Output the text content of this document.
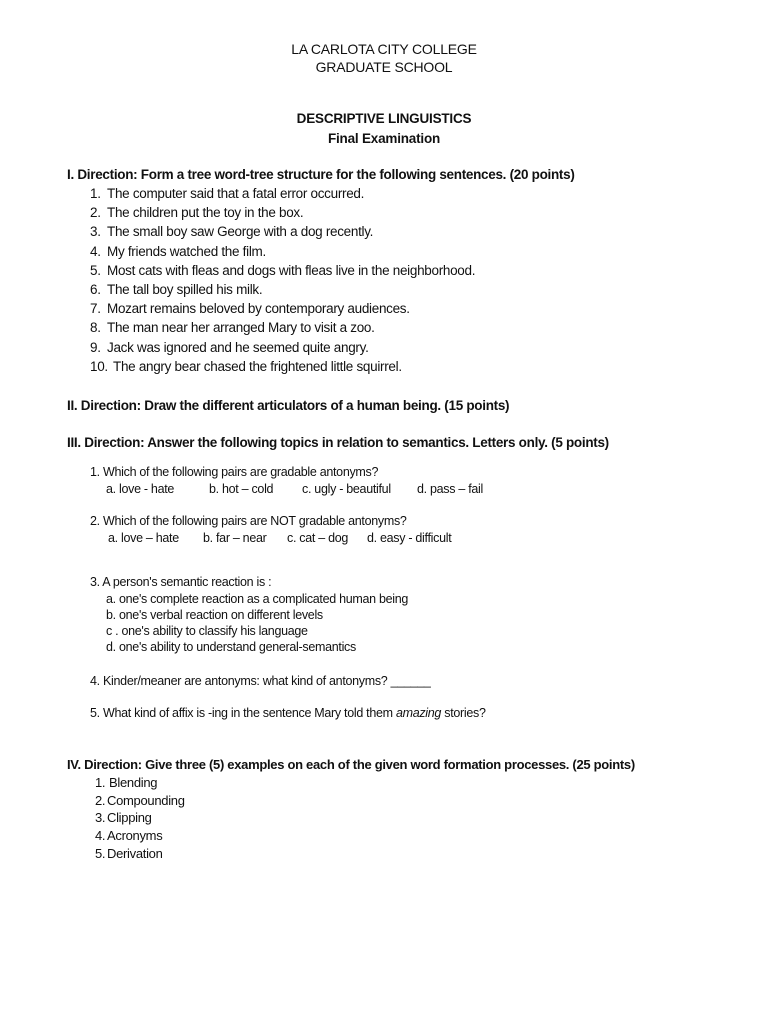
LA CARLOTA CITY COLLEGE
GRADUATE SCHOOL
DESCRIPTIVE LINGUISTICS
Final Examination
I. Direction: Form a tree word-tree structure for the following sentences. (20 points)
1. The computer said that a fatal error occurred.
2. The children put the toy in the box.
3. The small boy saw George with a dog recently.
4. My friends watched the film.
5. Most cats with fleas and dogs with fleas live in the neighborhood.
6. The tall boy spilled his milk.
7. Mozart remains beloved by contemporary audiences.
8. The man near her arranged Mary to visit a zoo.
9. Jack was ignored and he seemed quite angry.
10. The angry bear chased the frightened little squirrel.
II. Direction: Draw the different articulators of a human being. (15 points)
III. Direction: Answer the following topics in relation to semantics. Letters only. (5 points)
1. Which of the following pairs are gradable antonyms?
a. love - hate	b. hot – cold c. ugly - beautiful d. pass – fail
2. Which of the following pairs are NOT gradable antonyms?
a. love – hate b. far – near c. cat – dog d. easy - difficult
3. A person's semantic reaction is :
a. one's complete reaction as a complicated human being
b. one's verbal reaction on different levels
c . one's ability to classify his language
d. one's ability to understand general-semantics
4. Kinder/meaner are antonyms: what kind of antonyms? ______
5. What kind of affix is -ing in the sentence Mary told them amazing stories?
IV. Direction: Give three (5) examples on each of the given word formation processes. (25 points)
1. Blending
2. Compounding
3. Clipping
4. Acronyms
5. Derivation
